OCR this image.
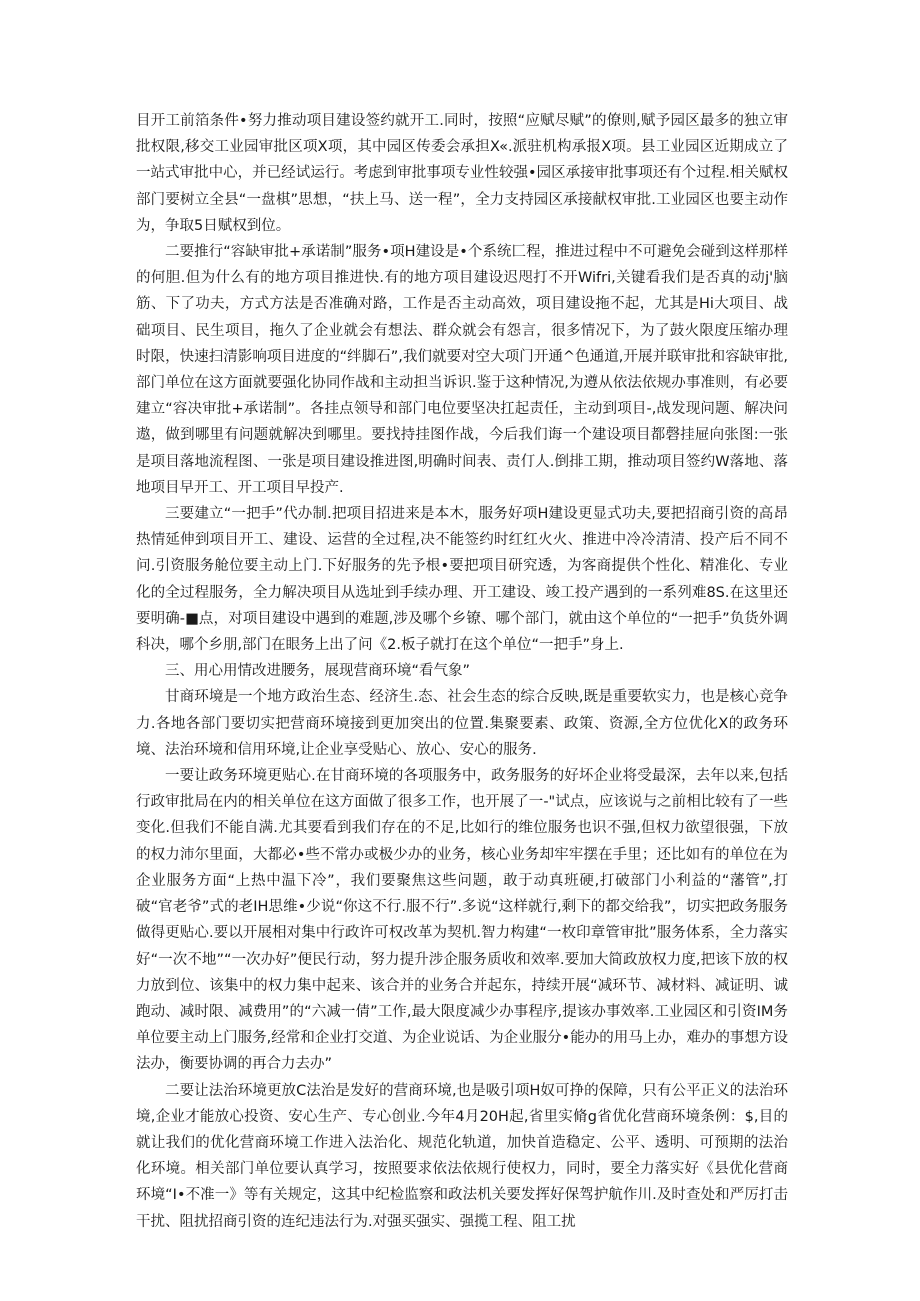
目开工前箔条件•努力推动项目建设签约就开工.同时，按照“应赋尽赋”的僚则,赋予园区最多的独立审批权限,移交工业园审批区项X项，其中园区传委会承担X«.派驻机构承报X项。县工业园区近期成立了一站式审批中心，并已经试运行。考虑到审批事项专业性较强•园区承接审批事项还有个过程.相关赋权部门要树立全县“一盘棋”思想，“扶上马、送一程”，全力支持园区承接献权审批.工业园区也要主动作为，争取5日赋权到位。

二要推行“容缺审批+承诺制”服务•项H建设是•个系统匚程，推进过程中不可避免会碰到这样那样的何胆.但为什么有的地方项目推进快.有的地方项目建设迟咫打不开Wifri,关键看我们是否真的动j'脑筋、下了功夫，方式方法是否准确对路，工作是否主动高效，项目建设拖不起，尤其是Hi大项目、战础项目、民生项目，拖久了企业就会有想法、群众就会有怨言，很多情况下，为了鼓火限度压缩办理时限，快速扫清影响项目进度的“绊脚石”,我们就要对空大项门开通^色通道,开展并联审批和容缺审批,部门单位在这方面就要强化协同作战和主动担当诉识.鉴于这种情况,为遵从依法依规办事准则，有必要建立“容决审批+承诺制”。各挂点领导和部门电位要坚决扛起责任，主动到项目-,战发现问题、解决问遨，做到哪里有问题就解决到哪里。要找持挂图作战，今后我们诲一个建设项目都磬挂屉向张图:一张是项目落地流程图、一张是项目建设推进图,明确时间表、责仃人.倒排工期，推动项目签约W落地、落地项目早开工、开工项目早投产.

三要建立“一把手”代办制.把项目招进来是本木，服务好项H建设更显式功夫,要把招商引资的高昂热情延伸到项目开工、建设、运营的全过程,决不能签约时红红火火、推进中冷冷清清、投产后不同不问.引资服务舱位要主动上门.下好服务的先予根•要把项目研究透，为客商提供个性化、精准化、专业化的全过程服务，全力解决项目从选址到手续办理、开工建设、竣工投产遇到的一系列难8S.在这里还要明确-■点，对项目建设中遇到的难题,涉及哪个乡镣、哪个部门，就由这个单位的“一把手”负货外调科决，哪个乡朋,部门在眼务上出了问《2.板子就打在这个单位“一把手”身上.

三、用心用情改进腰务，展现营商环境“看气象”

甘商环境是一个地方政治生态、经济生.态、社会生态的综合反映,既是重要软实力，也是核心竞争力.各地各部门要切实把营商环境接到更加突出的位置.集聚要素、政策、资源,全方位优化X的政务环境、法治环境和信用环境,让企业享受贴心、放心、安心的服务.

一要让政务环境更贴心.在甘商环境的各项服务中，政务服务的好坏企业将受最深，去年以来,包括行政审批局在内的相关单位在这方面做了很多工作，也开展了一-"试点，应该说与之前相比较有了一些变化.但我们不能自满.尤其要看到我们存在的不足,比如行的维位服务也识不强,但权力欲望很强，下放的权力沛尔里面，大都必•些不常办或极少办的业务，核心业务却牢牢摆在手里；还比如有的单位在为企业服务方面“上热中温下冷”，我们要聚焦这些问题，敢于动真班硬,打破部门小利益的“藩管”,打破“官老爷”式的老IH思维•少说“你这不行.服不行”.多说“这样就行,剩下的都交给我”，切实把政务服务做得更贴心.要以开展相对集中行政许可权改革为契机.智力构建“一枚印章管审批”服务体系，全力落实好“一次不地”“一次办好”便民行动，努力提升涉企服务质收和效率.要加大简政放权力度,把该下放的权力放到位、该集中的权力集中起来、该合并的业务合并起东，持续开展“减环节、减材料、减证明、诚跑动、减时限、减费用”的“六减一倩”工作,最大限度减少办事程序,提该办事效率.工业园区和引资IM务单位要主动上门服务,经常和企业打交道、为企业说话、为企业服分•能办的用马上办，难办的事想方设法办，衡要协调的再合力去办”

二要让法治环境更放C法治是发好的营商环境,也是吸引项H奴可挣的保障，只有公平正义的法治环境,企业才能放心投资、安心生产、专心创业.今年4月20H起,省里实脩g省优化营商环境条例：$,目的就让我们的优化营商环境工作进入法治化、规范化轨道，加快首造稳定、公平、透明、可预期的法治化环境。相关部门单位要认真学习，按照要求依法依规行使权力，同时，要全力落实好《县优化营商环境“I•不准一》等有关规定，这其中纪检监察和政法机关要发挥好保驾护航作川.及时查处和严厉打击干扰、阻扰招商引资的连纪违法行为.对强买强实、强揽工程、阻工扰
